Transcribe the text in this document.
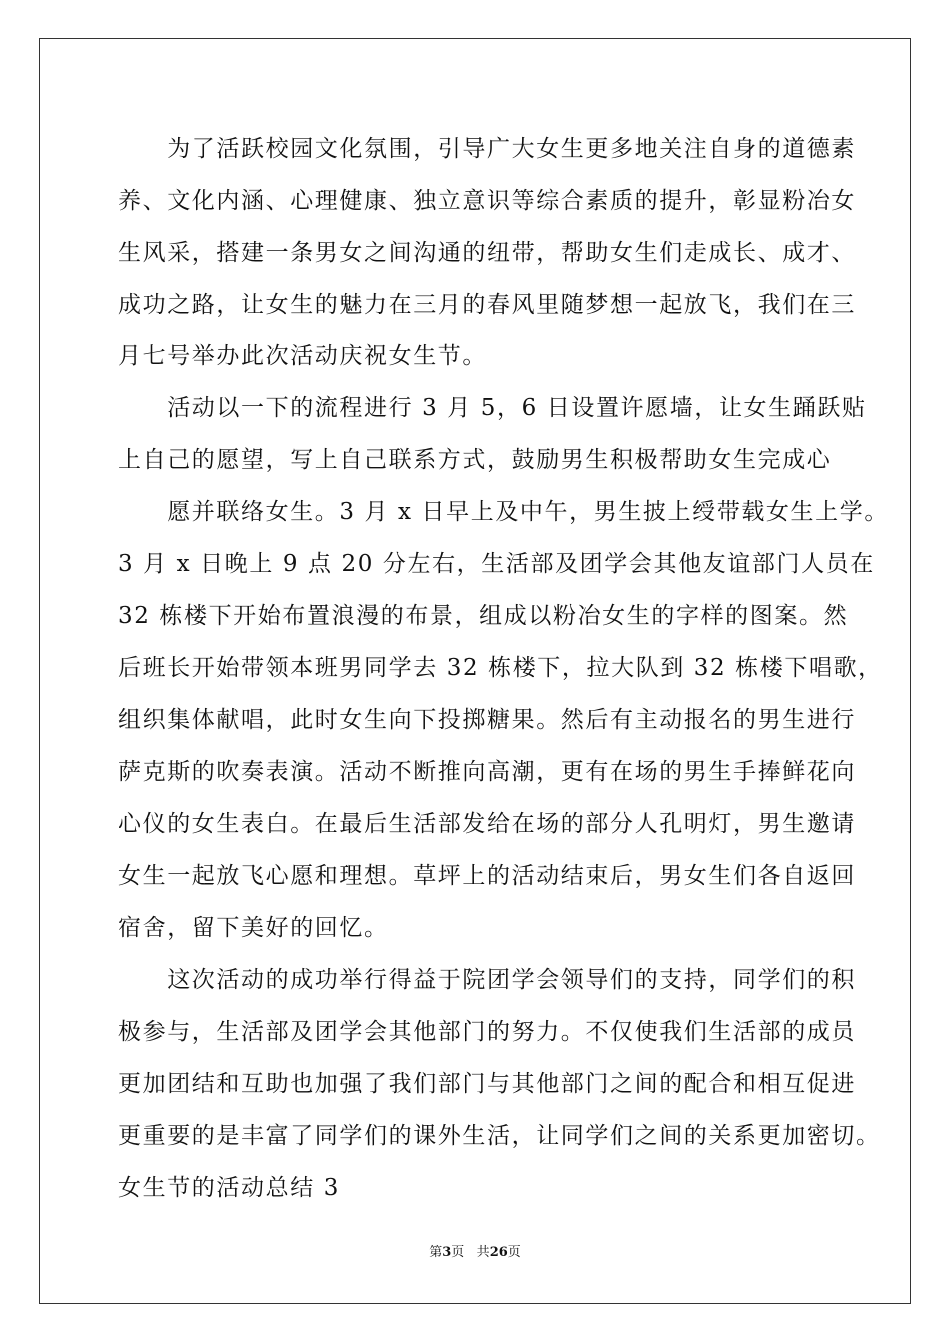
　　为了活跃校园文化氛围，引导广大女生更多地关注自身的道德素

养、文化内涵、心理健康、独立意识等综合素质的提升，彰显粉冶女

生风采，搭建一条男女之间沟通的纽带，帮助女生们走成长、成才、

成功之路，让女生的魅力在三月的春风里随梦想一起放飞，我们在三

月七号举办此次活动庆祝女生节。

　　活动以一下的流程进行 3 月 5，6 日设置许愿墙，让女生踊跃贴

上自己的愿望，写上自己联系方式，鼓励男生积极帮助女生完成心

　　愿并联络女生。3 月 x 日早上及中午，男生披上绶带载女生上学。

3 月 x 日晚上 9 点 20 分左右，生活部及团学会其他友谊部门人员在

32 栋楼下开始布置浪漫的布景，组成以粉冶女生的字样的图案。然

后班长开始带领本班男同学去 32 栋楼下，拉大队到 32 栋楼下唱歌，

组织集体献唱，此时女生向下投掷糖果。然后有主动报名的男生进行

萨克斯的吹奏表演。活动不断推向高潮，更有在场的男生手捧鲜花向

心仪的女生表白。在最后生活部发给在场的部分人孔明灯，男生邀请

女生一起放飞心愿和理想。草坪上的活动结束后，男女生们各自返回

宿舍，留下美好的回忆。

　　这次活动的成功举行得益于院团学会领导们的支持，同学们的积

极参与，生活部及团学会其他部门的努力。不仅使我们生活部的成员

更加团结和互助也加强了我们部门与其他部门之间的配合和相互促进

更重要的是丰富了同学们的课外生活，让同学们之间的关系更加密切。

女生节的活动总结 3

第3页 共26页
